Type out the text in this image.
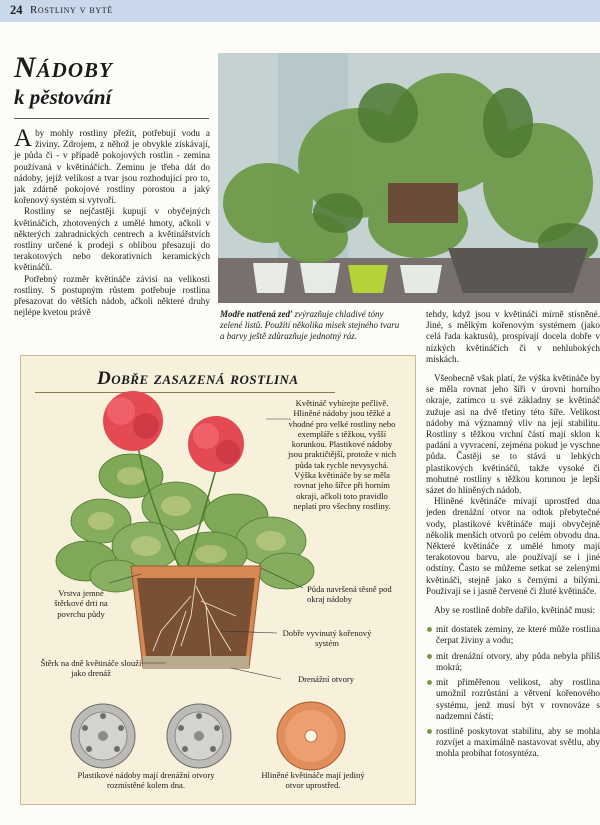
24 Rostliny v bytě
Nádoby
k pěstování

Aby mohly rostliny přežít, potřebují vodu a živiny. Zdrojem, z něhož je obvykle získávají, je půda či - v případě pokojových rostlin - zemina používaná v květináčích. Zeminu je třeba dát do nádoby, jejíž velikost a tvar jsou rozhodující pro to, jak zdárně pokojové rostliny porostou a jaký kořenový systém si vytvoří.

Rostliny se nejčastěji kupují v obyčejných květináčích, zhotovených z umělé hmoty, ačkoli v některých zahradnických centrech a květinářstvích rostliny určené k prodeji s oblibou přesazují do terakotových nebo dekorativních keramických květináčů.

Potřebný rozměr květináče závisí na velikosti rostliny. S postupným růstem potřebuje rostlina přesazovat do větších nádob, ačkoli některé druhy nejlépe kvetou právě	Modře natřená zeď zvýrazňuje chladivé tóny zelené listů. Použití několika misek stejného tvaru a barvy ještě zdůrazňuje jednotný ráz.

tehdy, když jsou v květináči mírně stísněné. Jiné, s mělkým kořenovým systémem (jako celá řada kaktusů), prospívají docela dobře v nízkých květináčích či v nehlubokých miskách.

Všeobecně však platí, že výška květináče by se měla rovnat jeho šíři v úrovni horního okraje, zatímco u své základny se květináč zužuje asi na dvě třetiny této šíře. Velikost nádoby má významný vliv na její stabilitu. Rostliny s těžkou vrchní částí mají sklon k padání a vyvracení, zejména pokud je vyschne půda. Častěji se to stává u lehkých plastikových květináčů, takže vysoké či mohutné rostliny s těžkou korunou je lepší sázet do hliněných nádob.

Hliněné květináče mívají uprostřed dna jeden drenážní otvor na odtok přebytečné vody, plastikové květináče mají obvyčejně několik menších otvorů po celém obvodu dna. Některé květináče z umělé hmoty mají terakotovou barvu, ale používají se i jiné odstíny. Často se můžeme setkat se zelenými květináči, stejně jako s černými a bílými. Používají se i jasně červené či žluté květináče.

Aby se rostlině dobře dařilo, květináč musí:

mít dostatek zeminy, ze které může rostlina čerpat živiny a vodu;
mít drenážní otvory, aby půda nebyla příliš mokrá;
mít přiměřenou velikost, aby rostlina umožnil rozrůstání a větvení kořenového systému, jenž musí být v rovnováze s nadzemní částí;
rostlině poskytovat stabilitu, aby se mohla rozvíjet a maximálně nastavovat světlu, aby mohla probíhat fotosyntéza.
Dobře zasazená rostlina
Květináč vybírejte pečlivě. Hliněné nádoby jsou těžké a vhodné pro velké rostliny nebo exempláře s těžkou, vyšší korunkou. Plastikové nádoby jsou praktičtější, protože v nich půda tak rychle nevysychá. Výška květináče by se měla rovnat jeho šířce při horním okraji, ačkoli toto pravidlo neplatí pro všechny rostliny.
Vrstva jemné štěrkové drti na povrchu půdy
Půda navršená těsně pod okraj nádoby
Dobře vyvinutý kořenový systém
Štěrk na dně květináče slouží jako drenáž
Drenážní otvory
Plastikové nádoby mají drenážní otvory rozmístěné kolem dna.
Hliněné květináče mají jediný otvor uprostřed.
